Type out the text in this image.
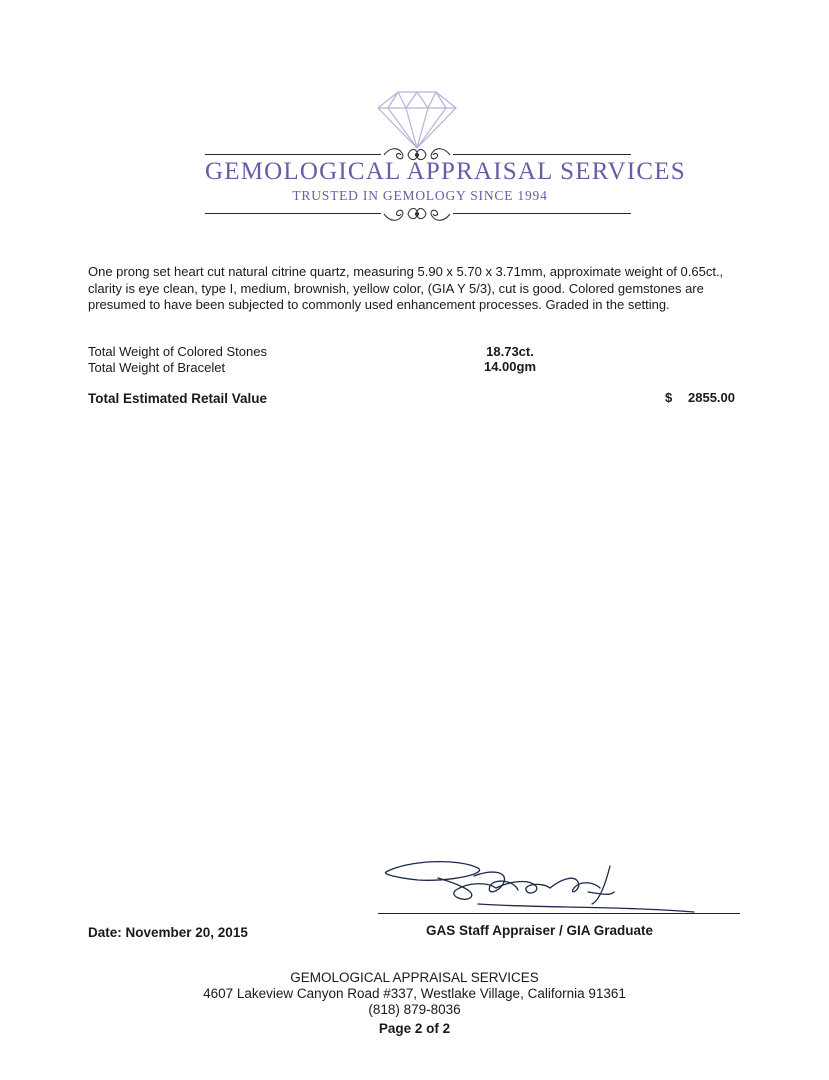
GEMOLOGICAL APPRAISAL SERVICES
TRUSTED IN GEMOLOGY SINCE 1994
One prong set heart cut natural citrine quartz, measuring 5.90 x 5.70 x 3.71mm, approximate weight of 0.65ct., clarity is eye clean, type I, medium, brownish, yellow color, (GIA Y 5/3), cut is good. Colored gemstones are presumed to have been subjected to commonly used enhancement processes. Graded in the setting.
Total Weight of Colored Stones	18.73ct.
Total Weight of Bracelet	14.00gm
Total Estimated Retail Value	$ 2855.00
Date: November 20, 2015	GAS Staff Appraiser / GIA Graduate
GEMOLOGICAL APPRAISAL SERVICES
4607 Lakeview Canyon Road #337, Westlake Village, California 91361
(818) 879-8036
Page 2 of 2
